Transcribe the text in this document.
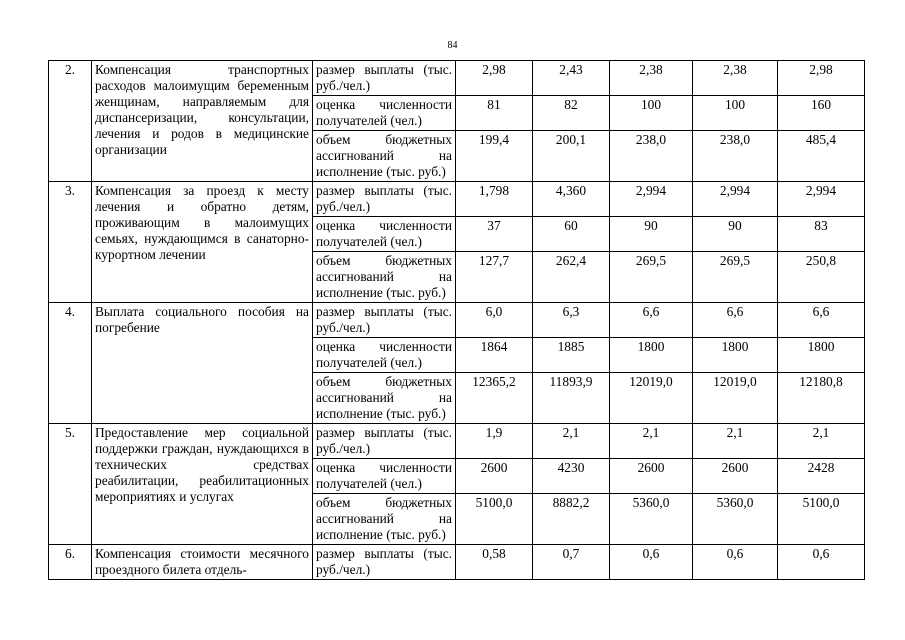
84
2.	Компенсация транспортных расходов малоимущим беременным женщинам, направляемым для диспансеризации, консультации, лечения и родов в медицинские организации	размер выплаты (тыс. руб./чел.)	2,98	2,43	2,38	2,38	2,98
		оценка численности получателей (чел.)	81	82	100	100	160
		объем бюджетных ассигнований на исполнение (тыс. руб.)	199,4	200,1	238,0	238,0	485,4
3.	Компенсация за проезд к месту лечения и обратно детям, проживающим в малоимущих семьях, нуждающимся в санаторно-курортном лечении	размер выплаты (тыс. руб./чел.)	1,798	4,360	2,994	2,994	2,994
		оценка численности получателей (чел.)	37	60	90	90	83
		объем бюджетных ассигнований на исполнение (тыс. руб.)	127,7	262,4	269,5	269,5	250,8
4.	Выплата социального пособия на погребение	размер выплаты (тыс. руб./чел.)	6,0	6,3	6,6	6,6	6,6
		оценка численности получателей (чел.)	1864	1885	1800	1800	1800
		объем бюджетных ассигнований на исполнение (тыс. руб.)	12365,2	11893,9	12019,0	12019,0	12180,8
5.	Предоставление мер социальной поддержки граждан, нуждающихся в технических средствах реабилитации, реабилитационных мероприятиях и услугах	размер выплаты (тыс. руб./чел.)	1,9	2,1	2,1	2,1	2,1
		оценка численности получателей (чел.)	2600	4230	2600	2600	2428
		объем бюджетных ассигнований на исполнение (тыс. руб.)	5100,0	8882,2	5360,0	5360,0	5100,0
6.	Компенсация стоимости месячного проездного билета отдель-	размер выплаты (тыс. руб./чел.)	0,58	0,7	0,6	0,6	0,6
